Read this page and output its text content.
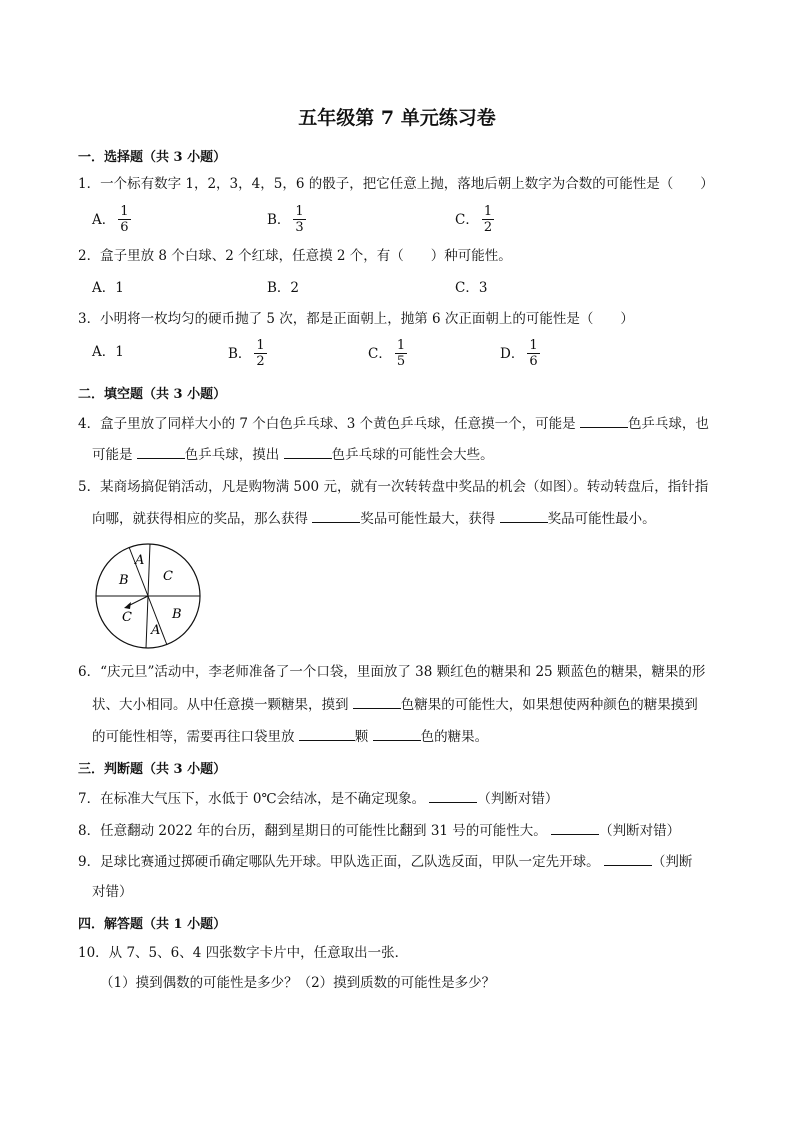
五年级第 7 单元练习卷
一．选择题（共 3 小题）
1．一个标有数字 1，2，3，4，5，6 的骰子，把它任意上抛，落地后朝上数字为合数的可能性是（　　）
A． $\frac{1}{6}$	B． $\frac{1}{3}$	C． $\frac{1}{2}$
2．盒子里放 8 个白球、2 个红球，任意摸 2 个，有（　　）种可能性。
A．1	B．2	C．3
3．小明将一枚均匀的硬币抛了 5 次，都是正面朝上，抛第 6 次正面朝上的可能性是（　　）
A．1	B． $\frac{1}{2}$	C． $\frac{1}{5}$	D． $\frac{1}{6}$
二．填空题（共 3 小题）
4．盒子里放了同样大小的 7 个白色乒乓球、3 个黄色乒乓球，任意摸一个，可能是	色乒乓球，也
可能是	色乒乓球，摸出	色乒乓球的可能性会大些。
5．某商场搞促销活动，凡是购物满 500 元，就有一次转转盘中奖品的机会（如图）。转动转盘后，指针指
向哪，就获得相应的奖品，那么获得	奖品可能性最大，获得	奖品可能性最小。
A
B	C
C	B
A
6．“庆元旦”活动中，李老师准备了一个口袋，里面放了 38 颗红色的糖果和 25 颗蓝色的糖果，糖果的形
状、大小相同。从中任意摸一颗糖果，摸到	色糖果的可能性大，如果想使两种颜色的糖果摸到
的可能性相等，需要再往口袋里放	颗	色的糖果。
三．判断题（共 3 小题）
7．在标准大气压下，水低于 0℃会结冰，是不确定现象。	（判断对错）
8．任意翻动 2022 年的台历，翻到星期日的可能性比翻到 31 号的可能性大。	（判断对错）
9．足球比赛通过掷硬币确定哪队先开球。甲队选正面，乙队选反面，甲队一定先开球。	（判断
对错）
四．解答题（共 1 小题）
10．从 7、5、6、4 四张数字卡片中，任意取出一张．
（1）摸到偶数的可能性是多少？（2）摸到质数的可能性是多少？
